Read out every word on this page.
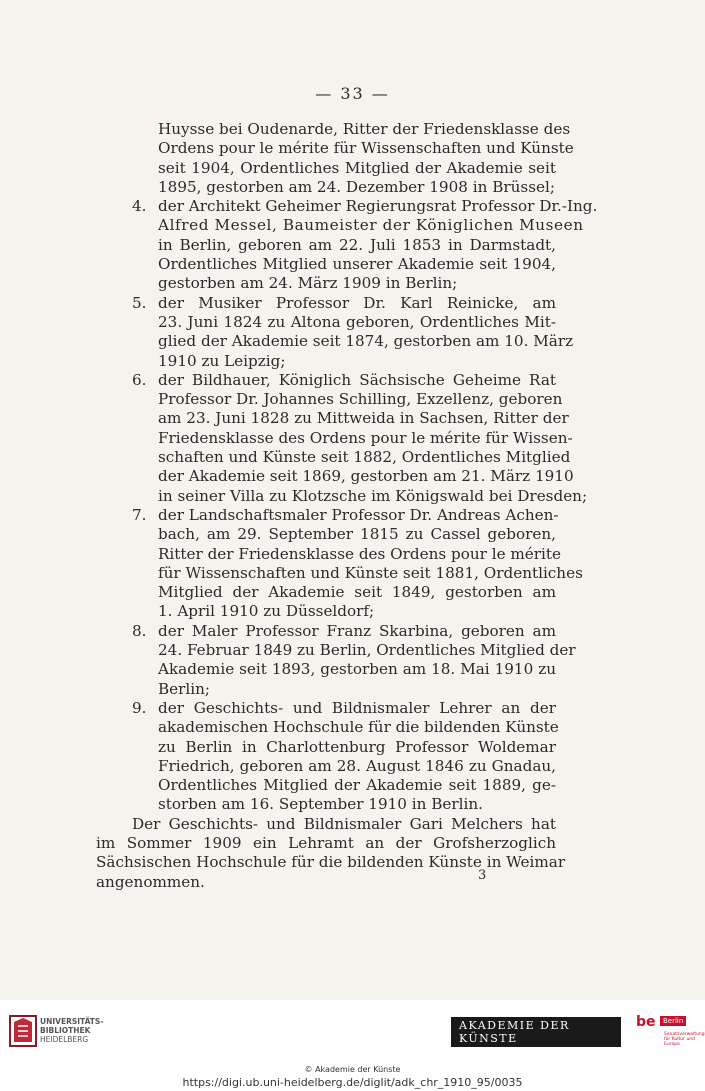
— 33 —
Huysse bei Oudenarde, Ritter der Friedensklasse des
Ordens pour le mérite für Wissenschaften und Künste
seit 1904, Ordentliches Mitglied der Akademie seit
1895, gestorben am 24. Dezember 1908 in Brüssel;
4. der Architekt Geheimer Regierungsrat Professor Dr.-Ing.
Alfred Messel, Baumeister der Königlichen Museen
in Berlin, geboren am 22. Juli 1853 in Darmstadt,
Ordentliches Mitglied unserer Akademie seit 1904,
gestorben am 24. März 1909 in Berlin;
5. der Musiker Professor Dr. Karl Reinicke, am
23. Juni 1824 zu Altona geboren, Ordentliches Mit-
glied der Akademie seit 1874, gestorben am 10. März
1910 zu Leipzig;
6. der Bildhauer, Königlich Sächsische Geheime Rat
Professor Dr. Johannes Schilling, Exzellenz, geboren
am 23. Juni 1828 zu Mittweida in Sachsen, Ritter der
Friedensklasse des Ordens pour le mérite für Wissen-
schaften und Künste seit 1882, Ordentliches Mitglied
der Akademie seit 1869, gestorben am 21. März 1910
in seiner Villa zu Klotzsche im Königswald bei Dresden;
7. der Landschaftsmaler Professor Dr. Andreas Achen-
bach, am 29. September 1815 zu Cassel geboren,
Ritter der Friedensklasse des Ordens pour le mérite
für Wissenschaften und Künste seit 1881, Ordentliches
Mitglied der Akademie seit 1849, gestorben am
1. April 1910 zu Düsseldorf;
8. der Maler Professor Franz Skarbina, geboren am
24. Februar 1849 zu Berlin, Ordentliches Mitglied der
Akademie seit 1893, gestorben am 18. Mai 1910 zu
Berlin;
9. der Geschichts- und Bildnismaler Lehrer an der
akademischen Hochschule für die bildenden Künste
zu Berlin in Charlottenburg Professor Woldemar
Friedrich, geboren am 28. August 1846 zu Gnadau,
Ordentliches Mitglied der Akademie seit 1889, ge-
storben am 16. September 1910 in Berlin.
Der Geschichts- und Bildnismaler Gari Melchers hat
im Sommer 1909 ein Lehramt an der Grofsherzoglich
Sächsischen Hochschule für die bildenden Künste in Weimar
angenommen.	3
UNIVERSITÄTS-
BIBLIOTHEK
HEIDELBERG
AKADEMIE DER KÜNSTE
be	Berlin
Senatsverwaltung für Kultur und Europa
© Akademie der Künste
https://digi.ub.uni-heidelberg.de/diglit/adk_chr_1910_95/0035
